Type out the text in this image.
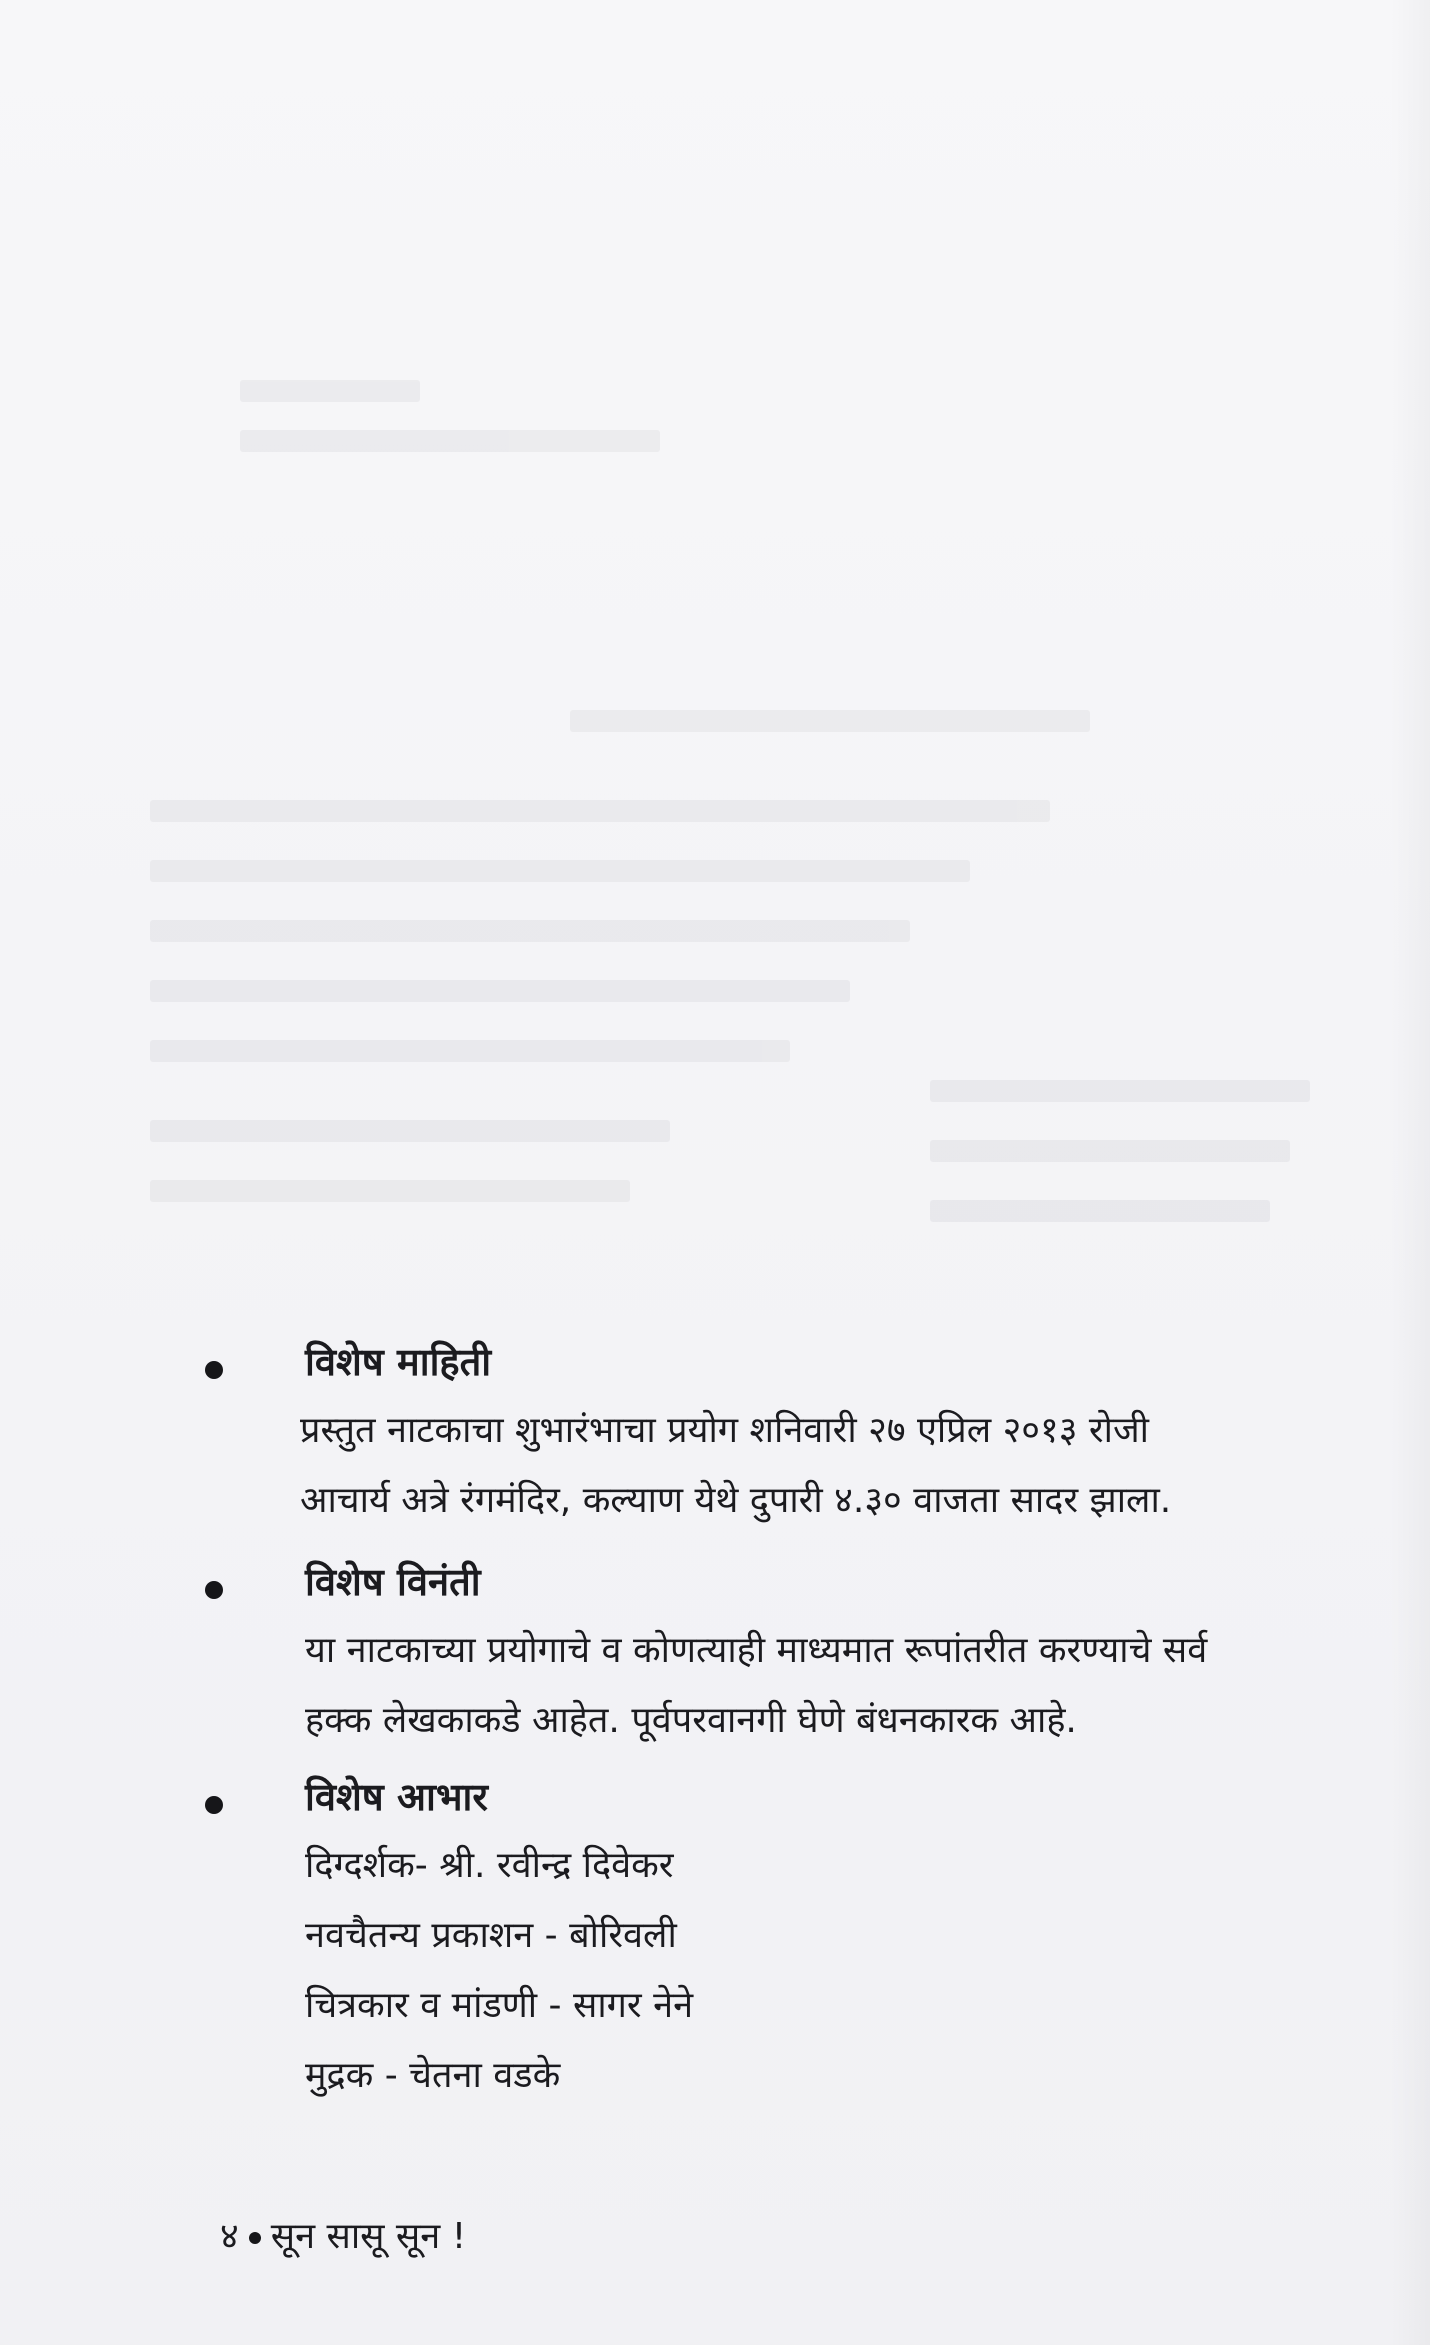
विशेष माहिती
प्रस्तुत नाटकाचा शुभारंभाचा प्रयोग शनिवारी २७ एप्रिल २०१३ रोजी
आचार्य अत्रे रंगमंदिर, कल्याण येथे दुपारी ४.३० वाजता सादर झाला.
विशेष विनंती
या नाटकाच्या प्रयोगाचे व कोणत्याही माध्यमात रूपांतरीत करण्याचे सर्व
हक्क लेखकाकडे आहेत. पूर्वपरवानगी घेणे बंधनकारक आहे.
विशेष आभार
दिग्दर्शक- श्री. रवीन्द्र दिवेकर
नवचैतन्य प्रकाशन - बोरिवली
चित्रकार व मांडणी - सागर नेने
मुद्रक - चेतना वडके
४ सून सासू सून !
